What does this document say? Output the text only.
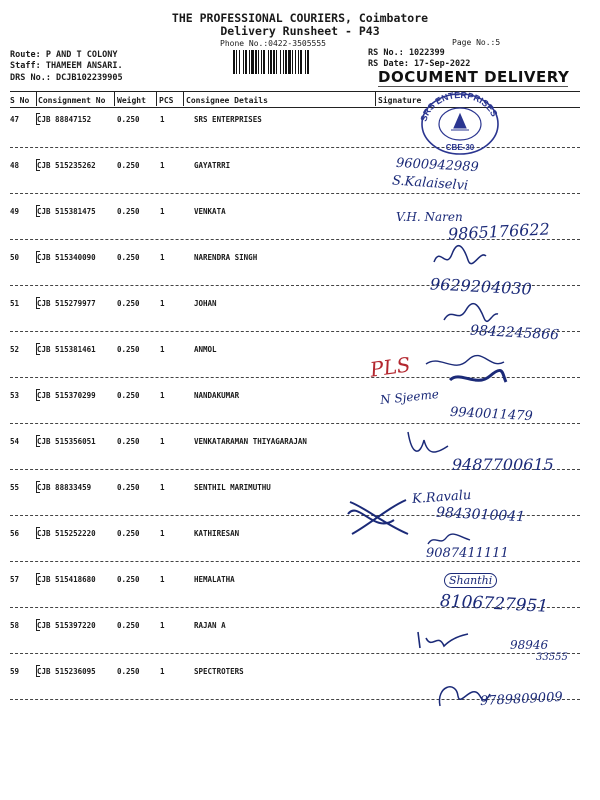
THE PROFESSIONAL COURIERS, Coimbatore
Delivery Runsheet - P43
Phone No.:0422-3505555	Page No.:5
Route: P AND T COLONY
Staff: THAMEEM ANSARI.
DRS No.: DCJB102239905
RS No.: 1022399
RS Date: 17-Sep-2022
DOCUMENT DELIVERY
S No Consignment No Weight PCS Consignee Details	Signature
47 CJB 88847152	0.250	1	SRS ENTERPRISES
48 CJB 515235262	0.250	1	GAYATRRI
49 CJB 515381475	0.250	1	VENKATA
50 CJB 515340090	0.250	1	NARENDRA SINGH
51 CJB 515279977	0.250	1	JOHAN
52 CJB 515381461	0.250	1	ANMOL
53 CJB 515370299	0.250	1	NANDAKUMAR
54 CJB 515356051	0.250	1	VENKATARAMAN THIYAGARAJAN
55 CJB 88833459	0.250	1	SENTHIL MARIMUTHU
56 CJB 515252220	0.250	1	KATHIRESAN
57 CJB 515418680	0.250	1	HEMALATHA
58 CJB 515397220	0.250	1	RAJAN A
59 CJB 515236095	0.250	1	SPECTROTERS
SRS ENTERPRISES
CBE-30
9600942989
S.Kalaiselvi
V.H. Naren
9865176622
9629204030
9842245866
PLS
N Sjeeme
9940011479
9487700615
K.Ravalu
9843010041
9087411111
Shanthi
8106727951
98946
33555
9789809009
